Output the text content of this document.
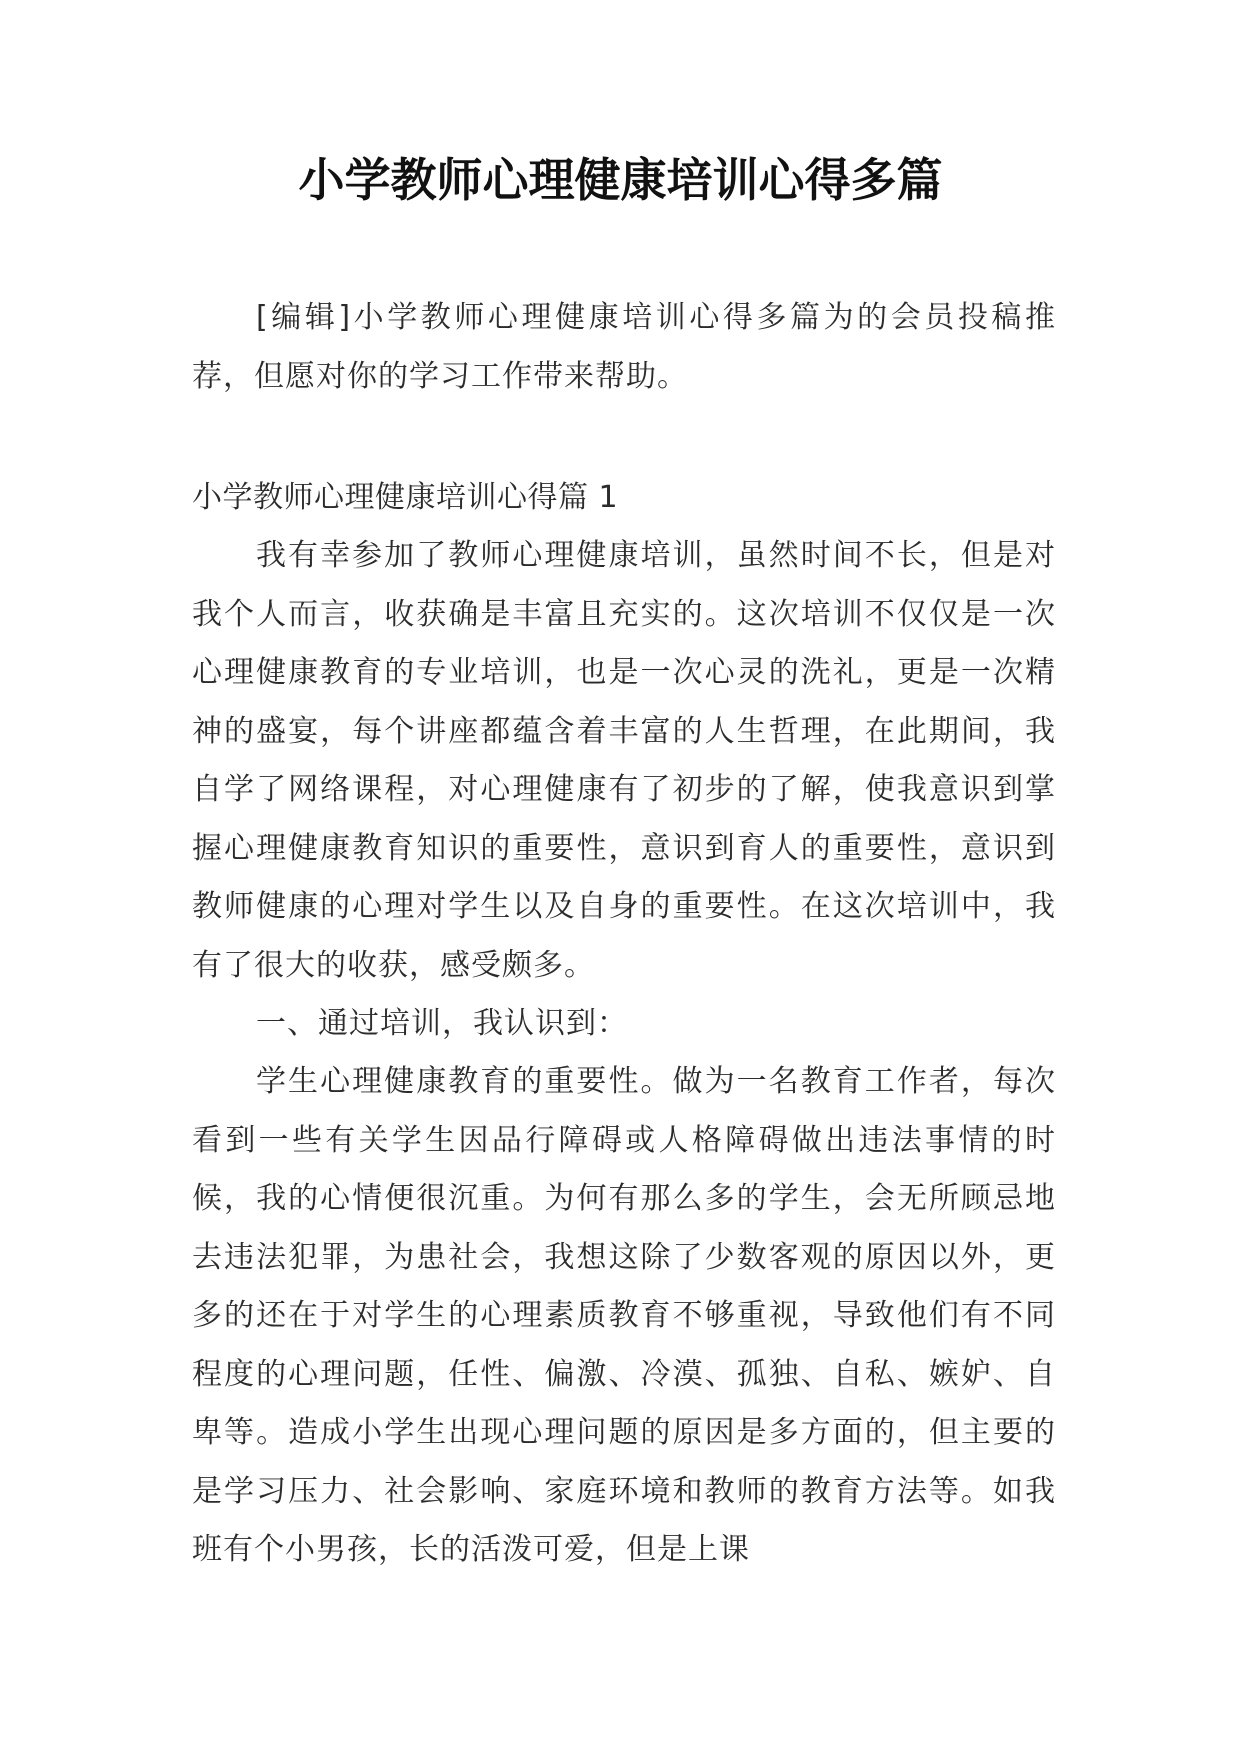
小学教师心理健康培训心得多篇

[编辑]小学教师心理健康培训心得多篇为的会员投稿推荐，但愿对你的学习工作带来帮助。

小学教师心理健康培训心得篇 1

我有幸参加了教师心理健康培训，虽然时间不长，但是对我个人而言，收获确是丰富且充实的。这次培训不仅仅是一次心理健康教育的专业培训，也是一次心灵的洗礼，更是一次精神的盛宴，每个讲座都蕴含着丰富的人生哲理，在此期间，我自学了网络课程，对心理健康有了初步的了解，使我意识到掌握心理健康教育知识的重要性，意识到育人的重要性，意识到教师健康的心理对学生以及自身的重要性。在这次培训中，我有了很大的收获，感受颇多。

一、通过培训，我认识到：

学生心理健康教育的重要性。做为一名教育工作者，每次看到一些有关学生因品行障碍或人格障碍做出违法事情的时候，我的心情便很沉重。为何有那么多的学生，会无所顾忌地去违法犯罪，为患社会，我想这除了少数客观的原因以外，更多的还在于对学生的心理素质教育不够重视，导致他们有不同程度的心理问题，任性、偏激、冷漠、孤独、自私、嫉妒、自卑等。造成小学生出现心理问题的原因是多方面的，但主要的是学习压力、社会影响、家庭环境和教师的教育方法等。如我班有个小男孩，长的活泼可爱，但是上课
